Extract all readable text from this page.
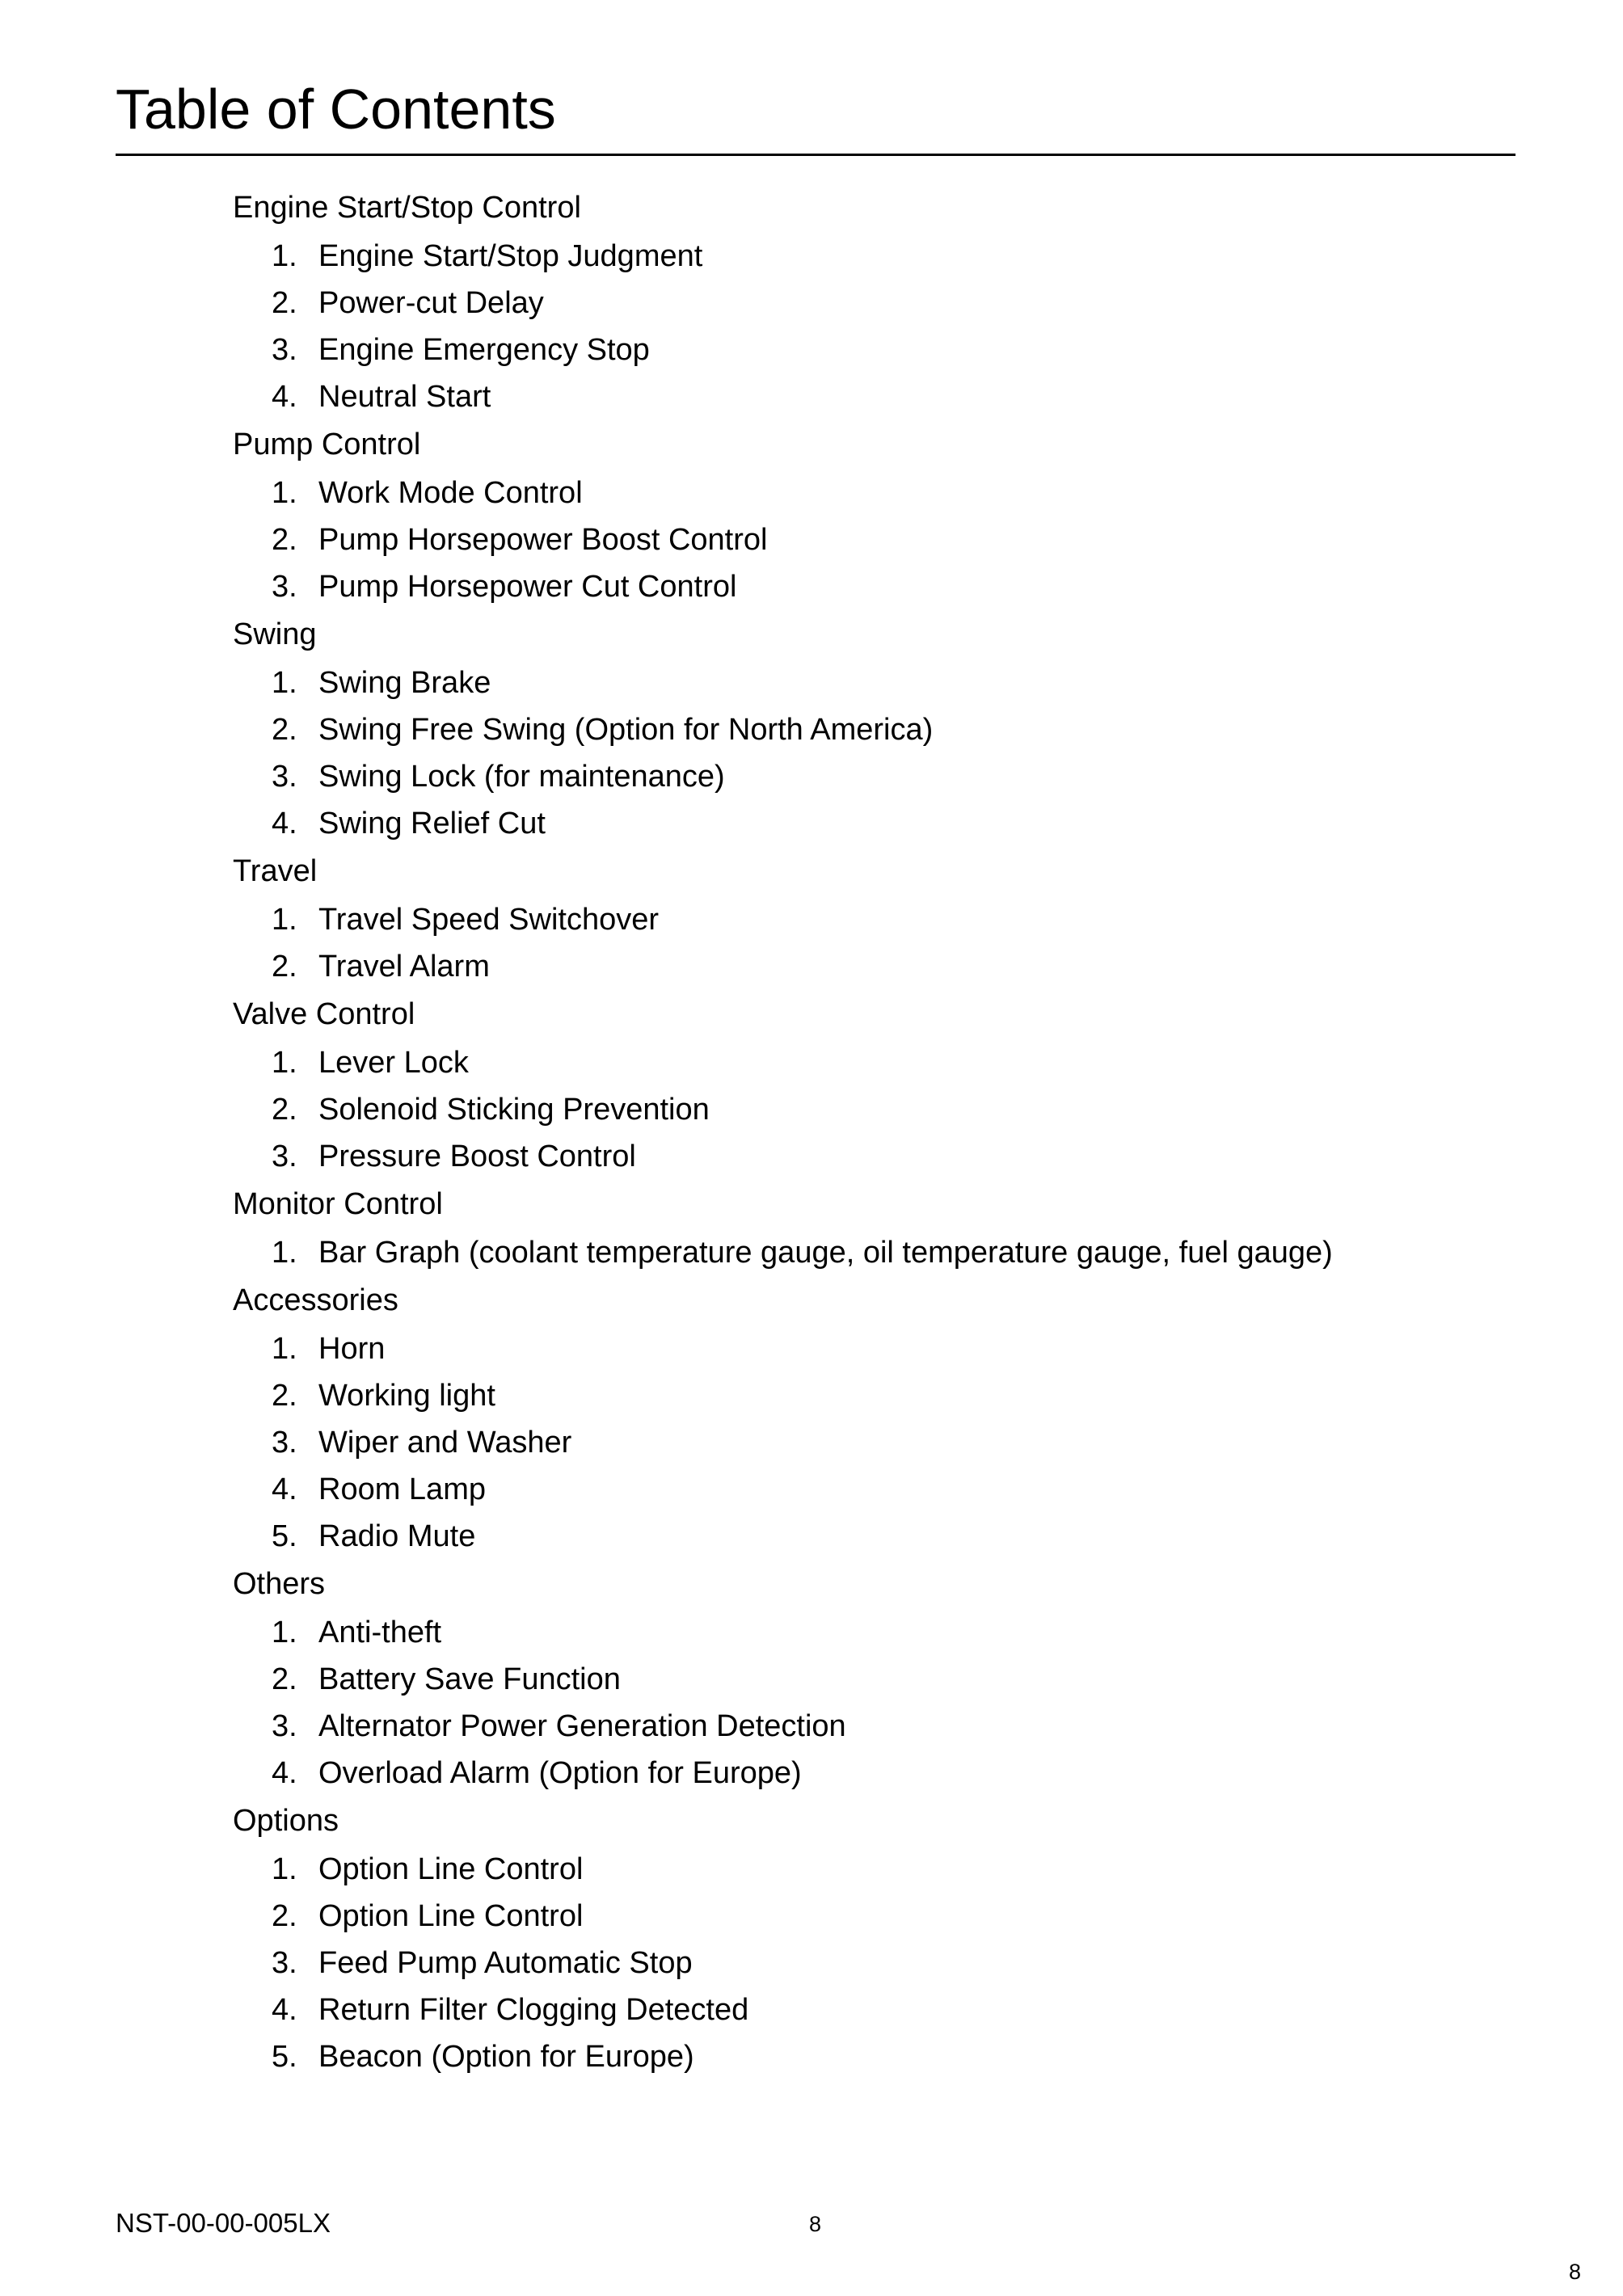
Table of Contents
Engine Start/Stop Control
1. Engine Start/Stop Judgment
2. Power-cut Delay
3. Engine Emergency Stop
4. Neutral Start
Pump Control
1. Work Mode Control
2. Pump Horsepower Boost Control
3. Pump Horsepower Cut Control
Swing
1. Swing Brake
2. Swing Free Swing (Option for North America)
3. Swing Lock (for maintenance)
4. Swing Relief Cut
Travel
1. Travel Speed Switchover
2. Travel Alarm
Valve Control
1. Lever Lock
2. Solenoid Sticking Prevention
3. Pressure Boost Control
Monitor Control
1. Bar Graph (coolant temperature gauge, oil temperature gauge, fuel gauge)
Accessories
1. Horn
2. Working light
3. Wiper and Washer
4. Room Lamp
5. Radio Mute
Others
1. Anti-theft
2. Battery Save Function
3. Alternator Power Generation Detection
4. Overload Alarm (Option for Europe)
Options
1. Option Line Control
2. Option Line Control
3. Feed Pump Automatic Stop
4. Return Filter Clogging Detected
5. Beacon (Option for Europe)
NST-00-00-005LX	8
8
